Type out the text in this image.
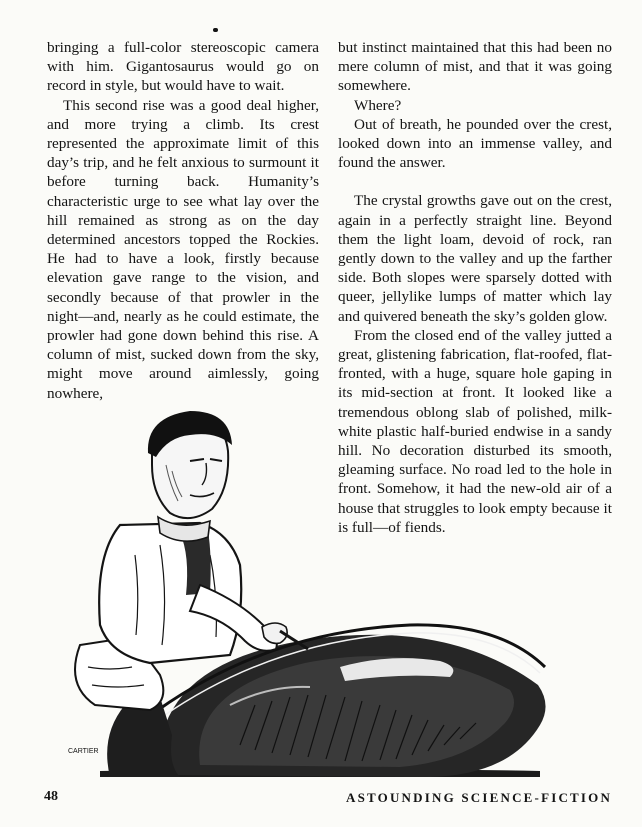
bringing a full-color stereoscopic camera with him. Gigantosaurus would go on record in style, but would have to wait.

This second rise was a good deal higher, and more trying a climb. Its crest represented the approximate limit of this day’s trip, and he felt anxious to surmount it before turning back. Humanity’s characteristic urge to see what lay over the hill remained as strong as on the day determined ancestors topped the Rockies. He had to have a look, firstly because elevation gave range to the vision, and secondly because of that prowler in the night—and, nearly as he could estimate, the prowler had gone down behind this rise. A column of mist, sucked down from the sky, might move around aimlessly, going nowhere,

but instinct maintained that this had been no mere column of mist, and that it was going somewhere.

Where?

Out of breath, he pounded over the crest, looked down into an immense valley, and found the answer.

The crystal growths gave out on the crest, again in a perfectly straight line. Beyond them the light loam, devoid of rock, ran gently down to the valley and up the farther side. Both slopes were sparsely dotted with queer, jellylike lumps of matter which lay and quivered beneath the sky’s golden glow.

From the closed end of the valley jutted a great, glistening fabrication, flat-roofed, flat-fronted, with a huge, square hole gaping in its mid-section at front. It looked like a tremendous oblong slab of polished, milk-white plastic half-buried endwise in a sandy hill. No decoration disturbed its smooth, gleaming surface. No road led to the hole in front. Somehow, it had the new-old air of a house that struggles to look empty because it is full—of fiends.

CARTIER
48	ASTOUNDING SCIENCE-FICTION
